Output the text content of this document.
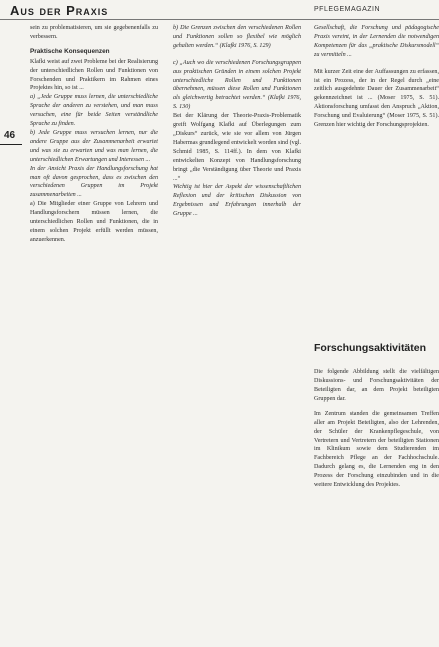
Aus der Praxis	PFLEGEMAGAZIN
46

sein zu problematisieren, um sie gegebenenfalls zu verbessern.

Praktische Konsequenzen

Klafki weist auf zwei Probleme bei der Realisierung der unterschiedlichen Rollen und Funktionen von Forschenden und Praktikern im Rahmen eines Projektes hin, so ist ...

a) „Jede Gruppe muss lernen, die unterschiedliche Sprache der anderen zu verstehen, und man muss versuchen, eine für beide Seiten verständliche Sprache zu finden.

b) Jede Gruppe muss versuchen lernen, nur die andere Gruppe aus der Zusammenarbeit erwartet und was sie zu erwarten und was man lernen, die unterschiedlichen Erwartungen und Interessen ...

In der Ansicht Praxis der Handlungsforschung hat man oft davon gesprochen, dass es zwischen den verschiedenen Gruppen im Projekt zusammenarbeiten ...

a) Die Mitglieder einer Gruppe von Lehrern und Handlungsforschern müssen lernen, die unterschiedlichen Rollen und Funktionen, die in einem solchen Projekt erfüllt werden müssen, anzuerkennen.

b) Die Grenzen zwischen den verschiedenen Rollen und Funktionen sollen so flexibel wie möglich gehalten werden.“ (Klafki 1976, S. 129)

c) „Auch wo die verschiedenen Forschungsgruppen aus praktischen Gründen in einem solchen Projekt unterschiedliche Rollen und Funktionen übernehmen, müssen diese Rollen und Funktionen als gleichwertig betrachtet werden.“ (Klafki 1976, S. 130)

Bei der Klärung der Theorie-Praxis-Problematik greift Wolfgang Klafki auf Überlegungen zum „Diskurs“ zurück, wie sie vor allem von Jürgen Habermas grundlegend entwickelt worden sind (vgl. Schmid 1985, S. 114ff.). In dem von Klafki entwickelten Konzept von Handlungsforschung bringt „die Verständigung über Theorie und Praxis ...“

Wichtig ist hier der Aspekt der wissenschaftlichen Reflexion und der kritischen Diskussion von Ergebnissen und Erfahrungen innerhalb der Gruppe ...

Gesellschaft, die Forschung und pädagogische Praxis vereint, in der Lernenden die notwendigen Kompetenzen für das „praktische Diskursmodell“ zu vermitteln ...

Mit kurzer Zeit eine der Auffassungen zu erfassen, ist ein Prozess, der in der Regel durch „eine zeitlich ausgedehnte Dauer der Zusammenarbeit“ gekennzeichnet ist ... (Moser 1975, S. 51). Aktionsforschung umfasst den Anspruch „Aktion, Forschung und Evaluierung“ (Moser 1975, S. 51). Grenzen hier wichtig der Forschungsprojekten.

Forschungsaktivitäten

Die folgende Abbildung stellt die vielfältigen Diskussions- und Forschungsaktivitäten der Beteiligten dar, an dem Projekt beteiligten Gruppen dar.

Im Zentrum standen die gemeinsamen Treffen aller am Projekt Beteiligten, also der Lehrenden, der Schüler der Krankenpflegeschule, von Vertretern und Vertretern der beteiligten Stationen im Klinikum sowie dem Studierenden im Fachbereich Pflege an der Fachhochschule. Dadurch gelang es, die Lernenden eng in den Prozess der Forschung einzubinden und in die weitere Entwicklung des Projektes.
